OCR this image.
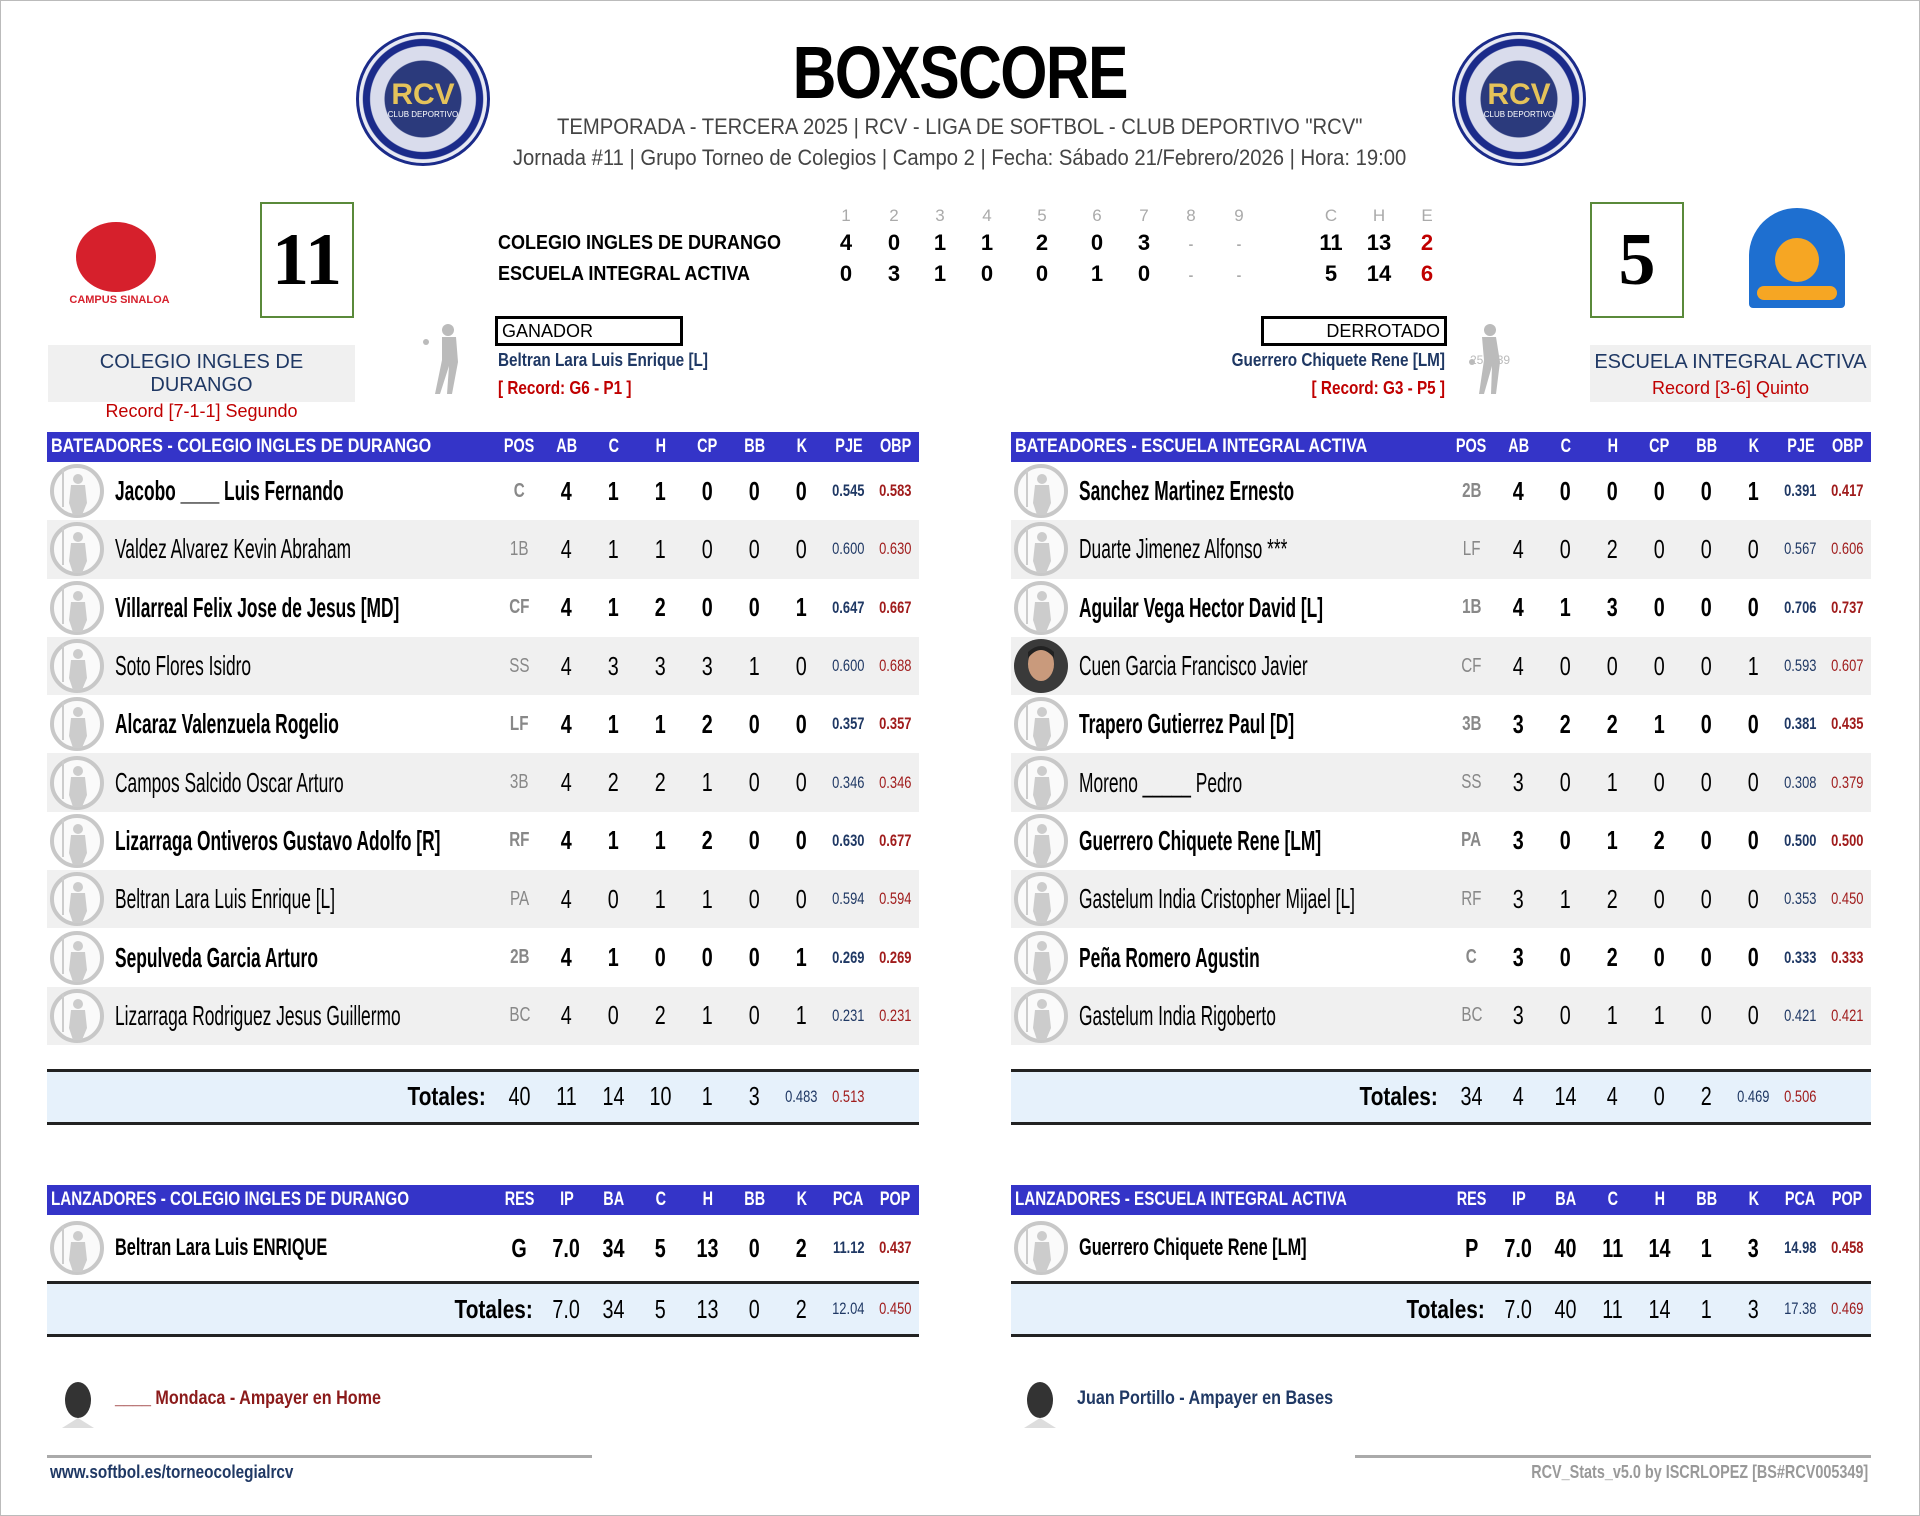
RCV
CLUB DEPORTIVO
RCV
CLUB DEPORTIVO
BOXSCORE
TEMPORADA - TERCERA 2025 | RCV - LIGA DE SOFTBOL - CLUB DEPORTIVO "RCV"
Jornada #11 | Grupo Torneo de Colegios | Campo 2 | Fecha: Sábado 21/Febrero/2026 | Hora: 19:00
CAMPUS SINALOA 11
1	2	3	4	5	6	7	8	9	C	H	E
COLEGIO INGLES DE DURANGO	4	0	1	1	2	0	3	-	-	11 13	2
ESCUELA INTEGRAL ACTIVA	0	3	1	0	0	1	0	-	-	5	14	6	5
COLEGIO INGLES DE DURANGO
Record [7-1-1] Segundo
ESCUELA INTEGRAL ACTIVA
Record [3-6] Quinto
GANADOR
Beltran Lara Luis Enrique [L]
[ Record: G6 - P1 ]
DERROTADO
Guerrero Chiquete Rene [LM]
[ Record: G3 - P5 ]
251539
BATEADORES - COLEGIO INGLES DE DURANGO	POS	AB	C	H	CP	BB	K	PJE OBP
Jacobo ____ Luis Fernando	C	4	1	1	0	0	0	0.545 0.583
Valdez Alvarez Kevin Abraham	1B	4	1	1	0	0	0	0.600 0.630
Villarreal Felix Jose de Jesus [MD]	CF	4	1	2	0	0	1	0.647 0.667
Soto Flores Isidro	SS	4	3	3	3	1	0	0.600 0.688
Alcaraz Valenzuela Rogelio	LF	4	1	1	2	0	0	0.357 0.357
Campos Salcido Oscar Arturo	3B	4	2	2	1	0	0	0.346 0.346
Lizarraga Ontiveros Gustavo Adolfo [R]	RF	4	1	1	2	0	0	0.630 0.677
Beltran Lara Luis Enrique [L]	PA	4	0	1	1	0	0	0.594 0.594
Sepulveda Garcia Arturo	2B	4	1	0	0	0	1	0.269 0.269
Lizarraga Rodriguez Jesus Guillermo	BC	4	0	2	1	0	1	0.231 0.231
Totales: 40 11 14 10	1	3	0.483 0.513
BATEADORES - ESCUELA INTEGRAL ACTIVA	POS	AB	C	H	CP	BB	K	PJE OBP
Sanchez Martinez Ernesto	2B	4	0	0	0	0	1	0.391 0.417
Duarte Jimenez Alfonso ***	LF	4	0	2	0	0	0	0.567 0.606
Aguilar Vega Hector David [L]	1B	4	1	3	0	0	0	0.706 0.737
Cuen Garcia Francisco Javier	CF	4	0	0	0	0	1	0.593 0.607
Trapero Gutierrez Paul [D]	3B	3	2	2	1	0	0	0.381 0.435
Moreno _____ Pedro	SS	3	0	1	0	0	0	0.308 0.379
Guerrero Chiquete Rene [LM]	PA	3	0	1	2	0	0	0.500 0.500
Gastelum India Cristopher Mijael [L]	RF	3	1	2	0	0	0	0.353 0.450
Peña Romero Agustin	C	3	0	2	0	0	0	0.333 0.333
Gastelum India Rigoberto	BC	3	0	1	1	0	0	0.421 0.421
Totales: 34	4	14	4	0	2	0.469 0.506
LANZADORES - COLEGIO INGLES DE DURANGO	RES	IP	BA	C	H	BB	K	PCA POP
Beltran Lara Luis ENRIQUE	G 7.0 34	5	13	0	2	11.12 0.437
Totales: 7.0 34	5	13	0	2	12.04 0.450
LANZADORES - ESCUELA INTEGRAL ACTIVA	RES	IP	BA	C	H	BB	K	PCA POP
Guerrero Chiquete Rene [LM]	P	7.0 40 11 14	1	3	14.98 0.458
Totales: 7.0 40 11 14	1	3	17.38 0.469
____ Mondaca - Ampayer en Home	Juan Portillo - Ampayer en Bases
www.softbol.es/torneocolegialrcv	RCV_Stats_v5.0 by ISCRLOPEZ [BS#RCV005349]
